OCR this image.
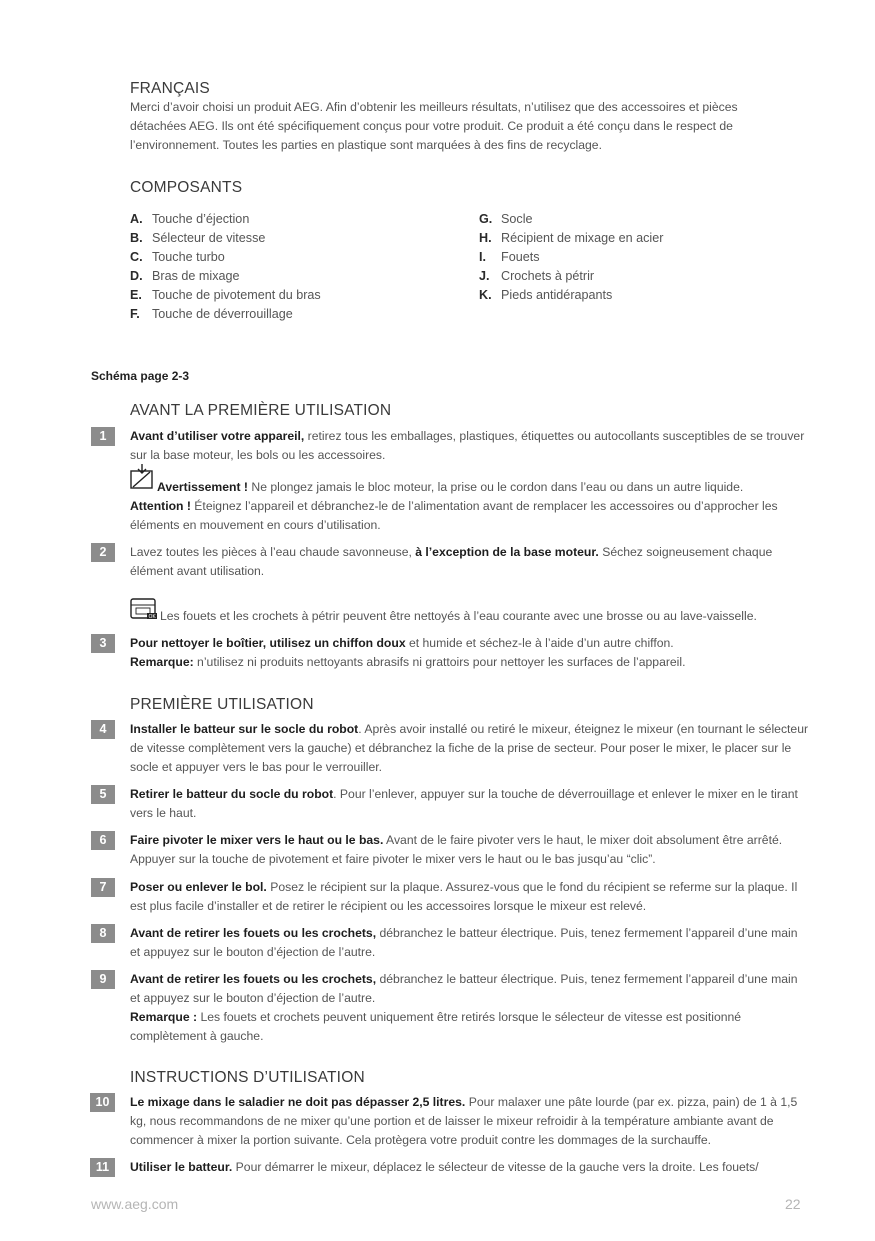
FRANÇAIS
Merci d’avoir choisi un produit AEG. Afin d’obtenir les meilleurs résultats, n’utilisez que des accessoires et pièces détachées AEG. Ils ont été spécifiquement conçus pour votre produit. Ce produit a été conçu dans le respect de l’environnement. Toutes les parties en plastique sont marquées à des fins de recyclage.
COMPOSANTS
A. Touche d’éjection
B. Sélecteur de vitesse
C. Touche turbo
D. Bras de mixage
E. Touche de pivotement du bras
F. Touche de déverrouillage
G. Socle
H. Récipient de mixage en acier
I. Fouets
J. Crochets à pétrir
K. Pieds antidérapants
Schéma page 2-3
AVANT LA PREMIÈRE UTILISATION
1	Avant d’utiliser votre appareil, retirez tous les emballages, plastiques, étiquettes ou autocollants susceptibles de se trouver sur la base moteur, les bols ou les accessoires.
Avertissement ! Ne plongez jamais le bloc moteur, la prise ou le cordon dans l’eau ou dans un autre liquide.
Attention ! Éteignez l’appareil et débranchez-le de l’alimentation avant de remplacer les accessoires ou d’approcher les éléments en mouvement en cours d’utilisation.
2	Lavez toutes les pièces à l’eau chaude savonneuse, à l’exception de la base moteur. Séchez soigneusement chaque élément avant utilisation.
OK Les fouets et les crochets à pétrir peuvent être nettoyés à l’eau courante avec une brosse ou au lave-vaisselle.
3	Pour nettoyer le boîtier, utilisez un chiffon doux et humide et séchez-le à l’aide d’un autre chiffon.
Remarque: n’utilisez ni produits nettoyants abrasifs ni grattoirs pour nettoyer les surfaces de l’appareil.
PREMIÈRE UTILISATION
4	Installer le batteur sur le socle du robot. Après avoir installé ou retiré le mixeur, éteignez le mixeur (en tournant le sélecteur de vitesse complètement vers la gauche) et débranchez la fiche de la prise de secteur. Pour poser le mixer, le placer sur le socle et appuyer vers le bas pour le verrouiller.
5	Retirer le batteur du socle du robot. Pour l’enlever, appuyer sur la touche de déverrouillage et enlever le mixer en le tirant vers le haut.
6	Faire pivoter le mixer vers le haut ou le bas. Avant de le faire pivoter vers le haut, le mixer doit absolument être arrêté. Appuyer sur la touche de pivotement et faire pivoter le mixer vers le haut ou le bas jusqu’au “clic”.
7	Poser ou enlever le bol. Posez le récipient sur la plaque. Assurez-vous que le fond du récipient se referme sur la plaque. Il est plus facile d’installer et de retirer le récipient ou les accessoires lorsque le mixeur est relevé.
8	Avant de retirer les fouets ou les crochets, débranchez le batteur électrique. Puis, tenez fermement l’appareil d’une main et appuyez sur le bouton d’éjection de l’autre.
9	Avant de retirer les fouets ou les crochets, débranchez le batteur électrique. Puis, tenez fermement l’appareil d’une main et appuyez sur le bouton d’éjection de l’autre.
Remarque : Les fouets et crochets peuvent uniquement être retirés lorsque le sélecteur de vitesse est positionné complètement à gauche.
INSTRUCTIONS D’UTILISATION
10	Le mixage dans le saladier ne doit pas dépasser 2,5 litres. Pour malaxer une pâte lourde (par ex. pizza, pain) de 1 à 1,5 kg, nous recommandons de ne mixer qu’une portion et de laisser le mixeur refroidir à la température ambiante avant de commencer à mixer la portion suivante. Cela protègera votre produit contre les dommages de la surchauffe.
11	Utiliser le batteur. Pour démarrer le mixeur, déplacez le sélecteur de vitesse de la gauche vers la droite. Les fouets/
www.aeg.com	22
